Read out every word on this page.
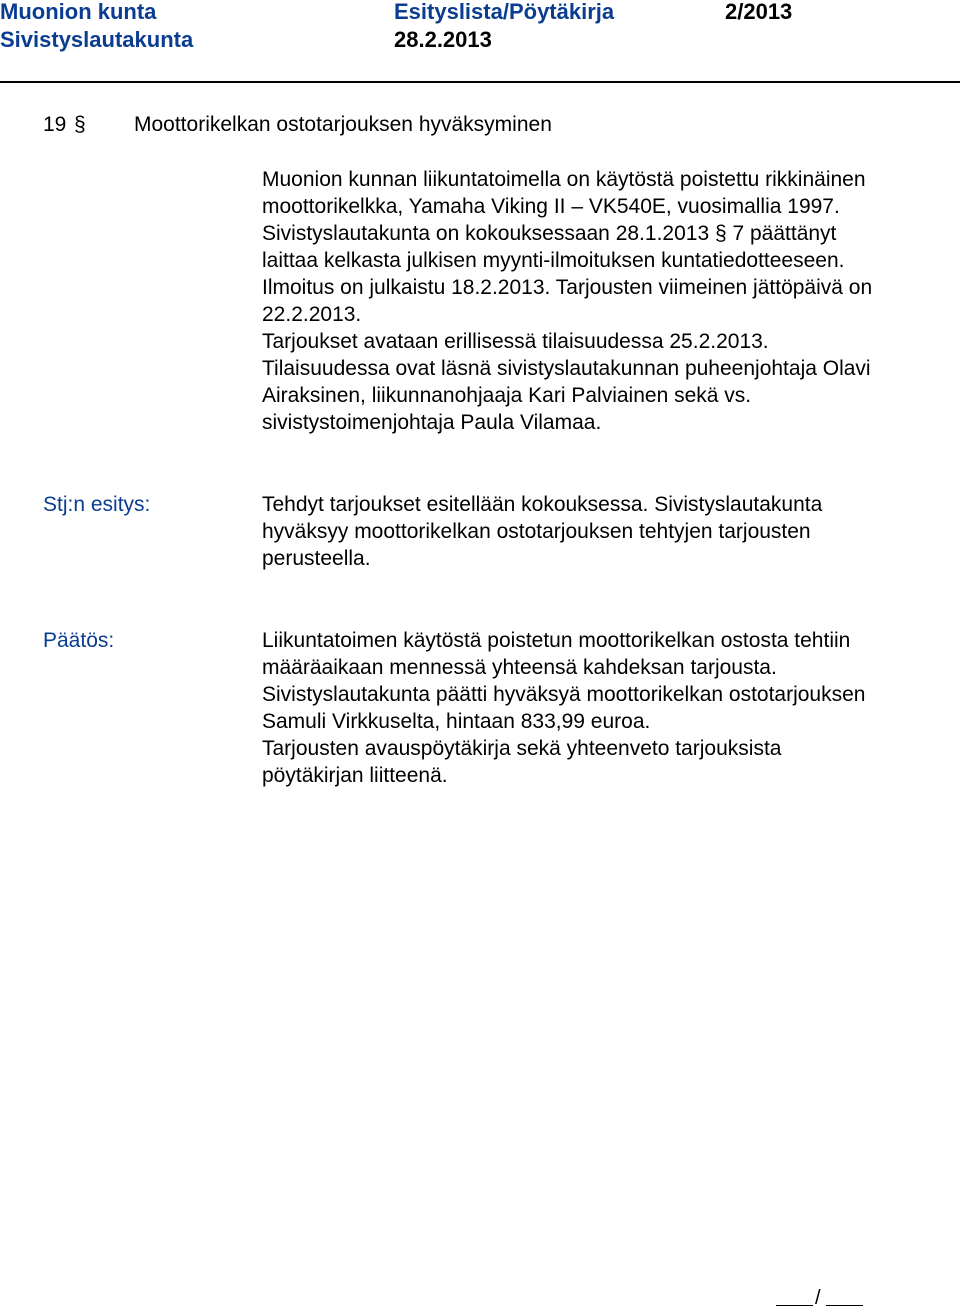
Muonion kunta	Esityslista/Pöytäkirja	2/2013
Sivistyslautakunta	28.2.2013
19 § Moottorikelkan ostotarjouksen hyväksyminen
Muonion kunnan liikuntatoimella on käytöstä poistettu rikkinäinen
moottorikelkka, Yamaha Viking II – VK540E, vuosimallia 1997.
Sivistyslautakunta on kokouksessaan 28.1.2013 § 7 päättänyt
laittaa kelkasta julkisen myynti-ilmoituksen kuntatiedotteeseen.
Ilmoitus on julkaistu 18.2.2013. Tarjousten viimeinen jättöpäivä on
22.2.2013.
Tarjoukset avataan erillisessä tilaisuudessa 25.2.2013.
Tilaisuudessa ovat läsnä sivistyslautakunnan puheenjohtaja Olavi
Airaksinen, liikunnanohjaaja Kari Palviainen sekä vs.
sivistystoimenjohtaja Paula Vilamaa.
Stj:n esitys:	Tehdyt tarjoukset esitellään kokouksessa. Sivistyslautakunta
hyväksyy moottorikelkan ostotarjouksen tehtyjen tarjousten
perusteella.
Päätös:	Liikuntatoimen käytöstä poistetun moottorikelkan ostosta tehtiin
määräaikaan mennessä yhteensä kahdeksan tarjousta.
Sivistyslautakunta päätti hyväksyä moottorikelkan ostotarjouksen
Samuli Virkkuselta, hintaan 833,99 euroa.
Tarjousten avauspöytäkirja sekä yhteenveto tarjouksista
pöytäkirjan liitteenä.
/
